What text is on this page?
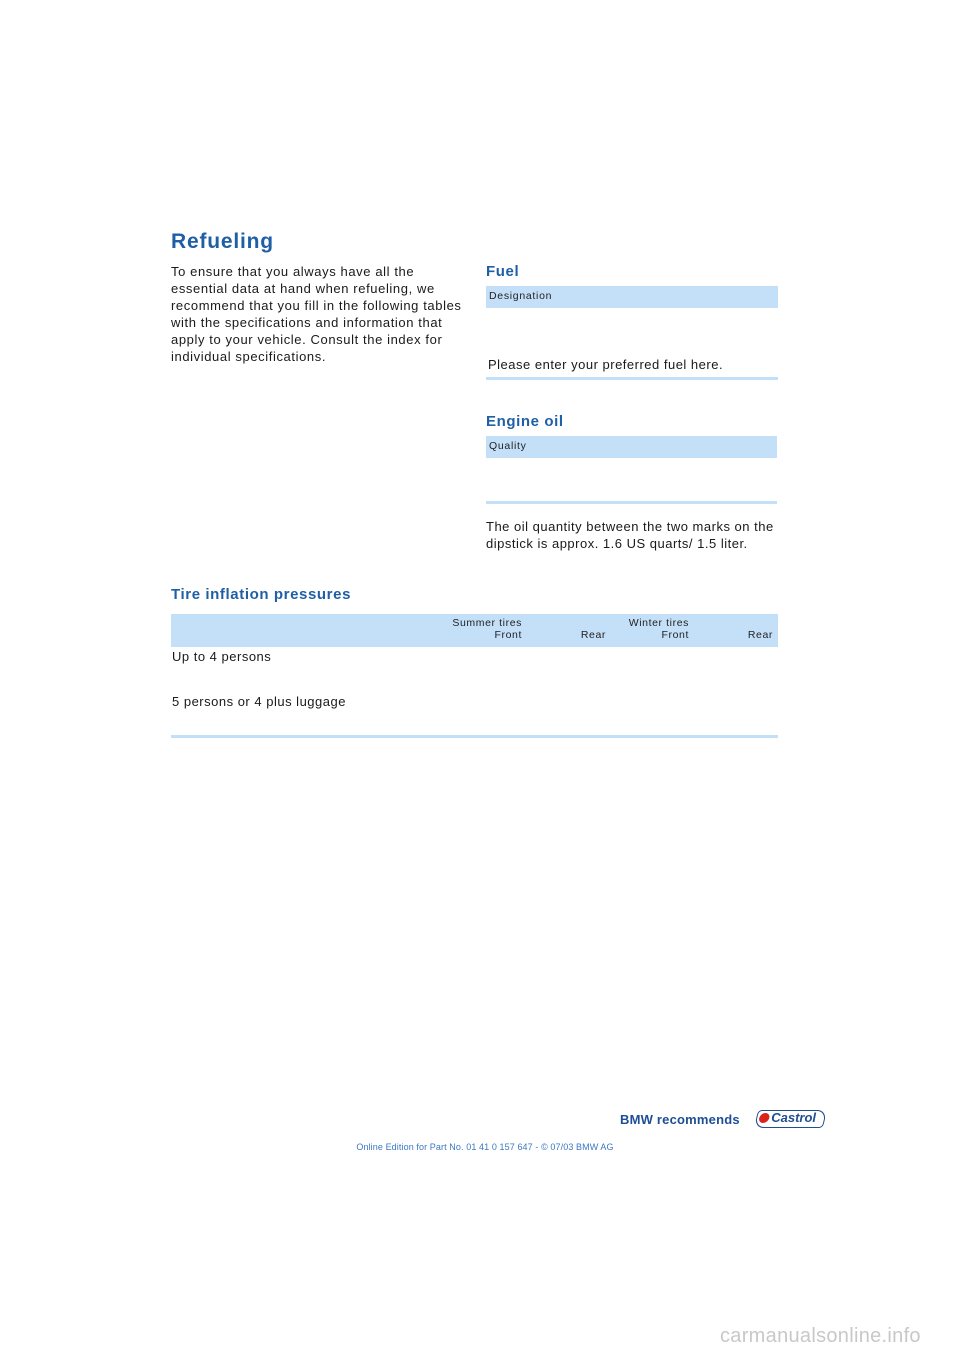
Refueling

To ensure that you always have all the essential data at hand when refueling, we recommend that you fill in the following tables with the specifications and information that apply to your vehicle. Consult the index for individual specifications.

Fuel
Designation

Please enter your preferred fuel here.

Engine oil
Quality

The oil quantity between the two marks on the dipstick is approx. 1.6 US quarts/ 1.5 liter.

Tire inflation pressures
Summer tires
Front	Rear
Winter tires
Front	Rear
Up to 4 persons
5 persons or 4 plus luggage
BMW recommends	Castrol
Online Edition for Part No. 01 41 0 157 647 - © 07/03 BMW AG
carmanualsonline.info
